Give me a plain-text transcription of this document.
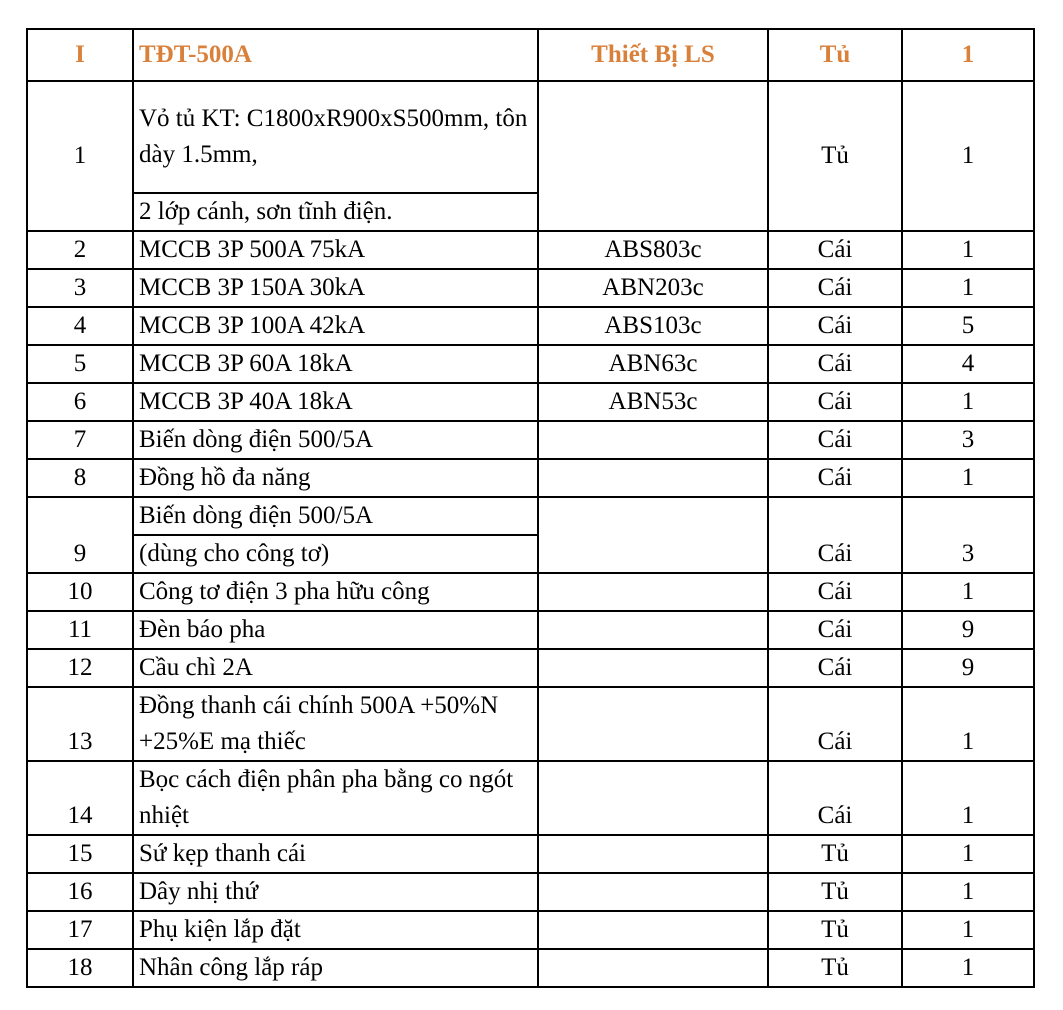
I	TĐT-500A	Thiết Bị LS	Tủ	1
1	Vỏ tủ KT: C1800xR900xS500mm, tôn dày 1.5mm,		Tủ	1
	2 lớp cánh, sơn tĩnh điện.			
2	MCCB 3P 500A 75kA	ABS803c	Cái	1
3	MCCB 3P 150A 30kA	ABN203c	Cái	1
4	MCCB 3P 100A 42kA	ABS103c	Cái	5
5	MCCB 3P 60A 18kA	ABN63c	Cái	4
6	MCCB 3P 40A 18kA	ABN53c	Cái	1
7	Biến dòng điện 500/5A		Cái	3
8	Đồng hồ đa năng		Cái	1
9	Biến dòng điện 500/5A		Cái	3
	(dùng cho công tơ)			
10	Công tơ điện 3 pha hữu công		Cái	1
11	Đèn báo pha		Cái	9
12	Cầu chì 2A		Cái	9
13	Đồng thanh cái chính 500A +50%N +25%E mạ thiếc		Cái	1
14	Bọc cách điện phân pha bằng co ngót nhiệt		Cái	1
15	Sứ kẹp thanh cái		Tủ	1
16	Dây nhị thứ		Tủ	1
17	Phụ kiện lắp đặt		Tủ	1
18	Nhân công lắp ráp		Tủ	1
